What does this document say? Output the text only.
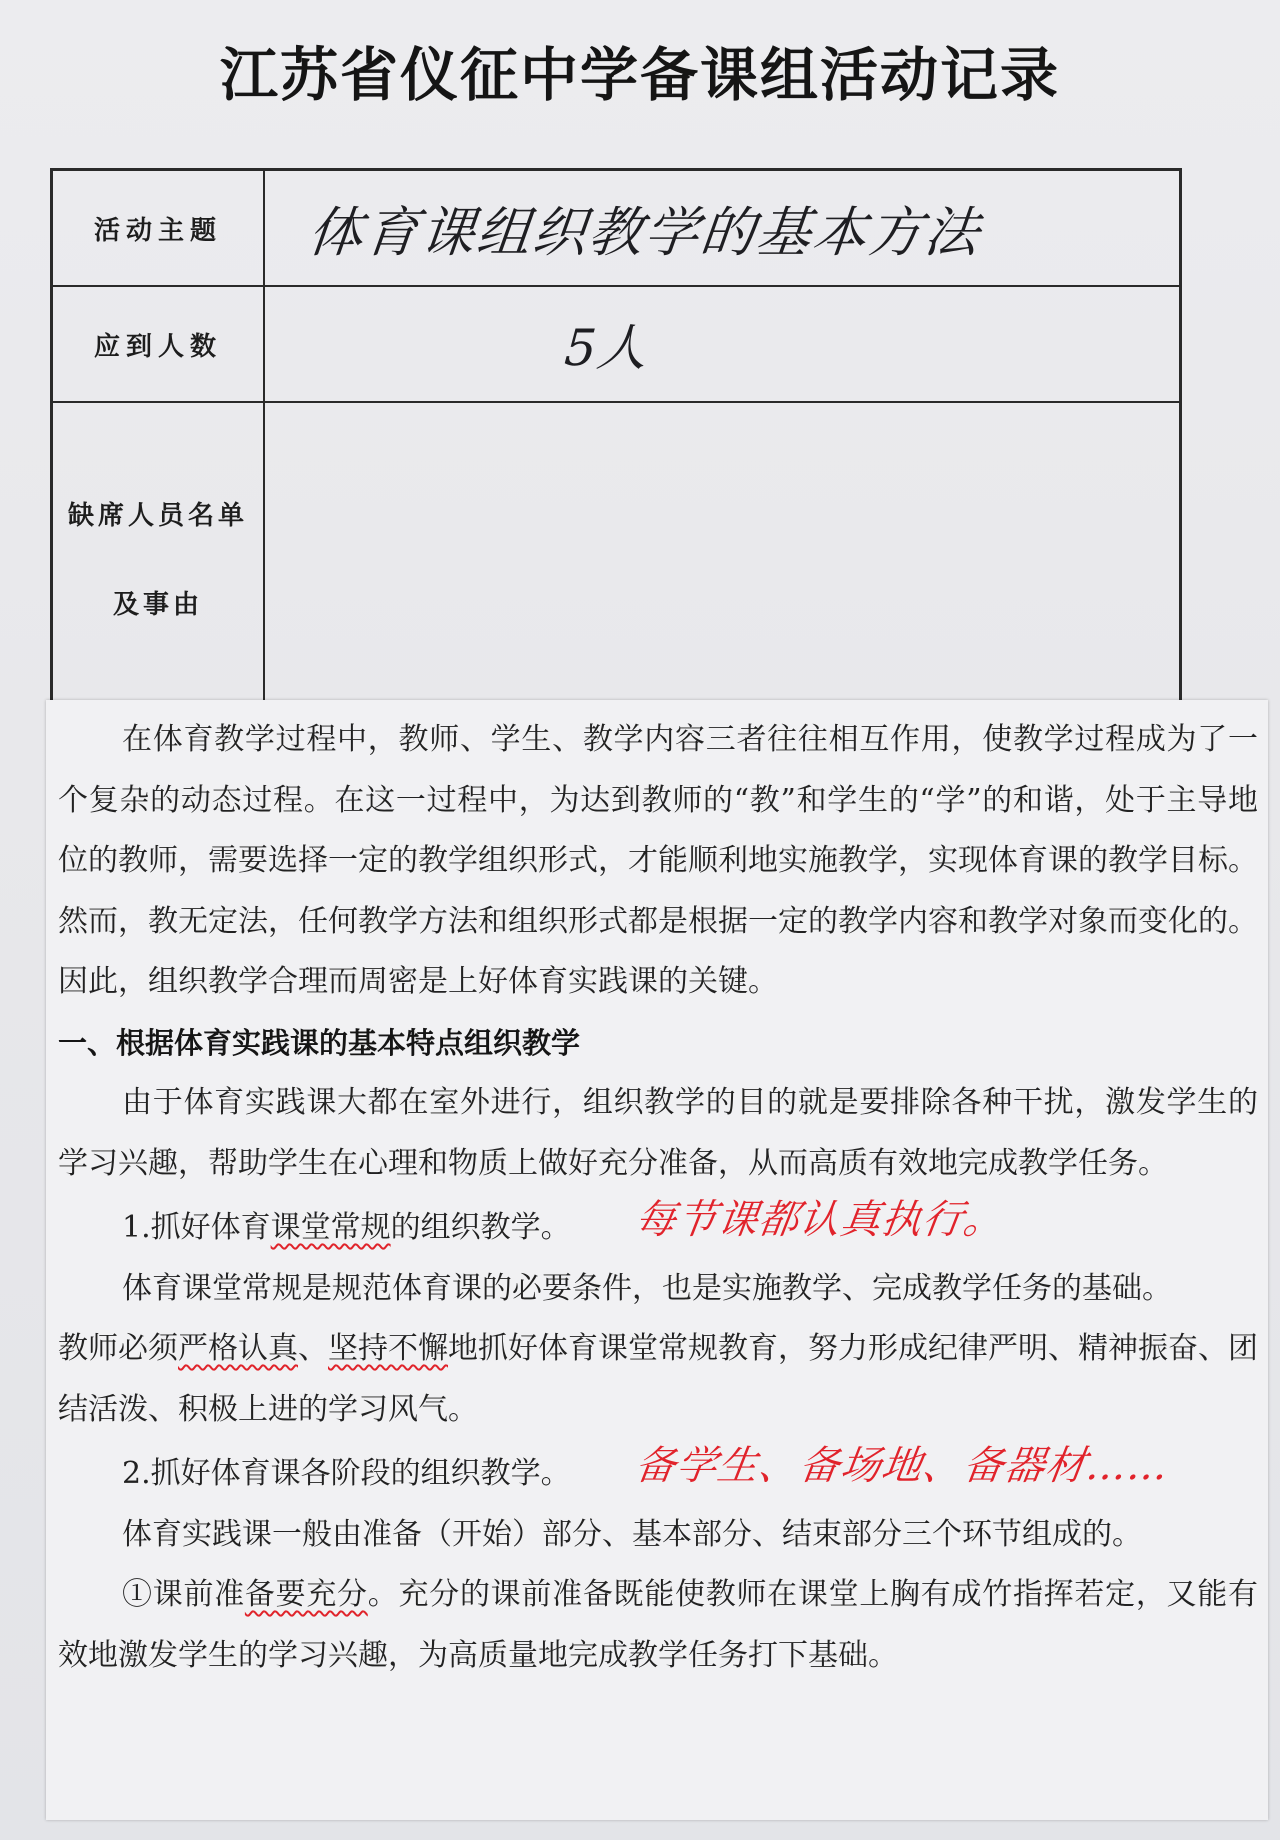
江苏省仪征中学备课组活动记录
活动主题	体育课组织教学的基本方法
应到人数	5人
缺席人员名单
及事由

在体育教学过程中，教师、学生、教学内容三者往往相互作用，使教学过程成为了一个复杂的动态过程。在这一过程中，为达到教师的“教”和学生的“学”的和谐，处于主导地位的教师，需要选择一定的教学组织形式，才能顺利地实施教学，实现体育课的教学目标。然而，教无定法，任何教学方法和组织形式都是根据一定的教学内容和教学对象而变化的。因此，组织教学合理而周密是上好体育实践课的关键。

一、根据体育实践课的基本特点组织教学

由于体育实践课大都在室外进行，组织教学的目的就是要排除各种干扰，激发学生的学习兴趣，帮助学生在心理和物质上做好充分准备，从而高质有效地完成教学任务。

1.抓好体育课堂常规的组织教学。 每节课都认真执行。

体育课堂常规是规范体育课的必要条件，也是实施教学、完成教学任务的基础。

教师必须严格认真、坚持不懈地抓好体育课堂常规教育，努力形成纪律严明、精神振奋、团结活泼、积极上进的学习风气。

2.抓好体育课各阶段的组织教学。 备学生、备场地、备器材……

体育实践课一般由准备（开始）部分、基本部分、结束部分三个环节组成的。

①课前准备要充分。充分的课前准备既能使教师在课堂上胸有成竹指挥若定，又能有效地激发学生的学习兴趣，为高质量地完成教学任务打下基础。
